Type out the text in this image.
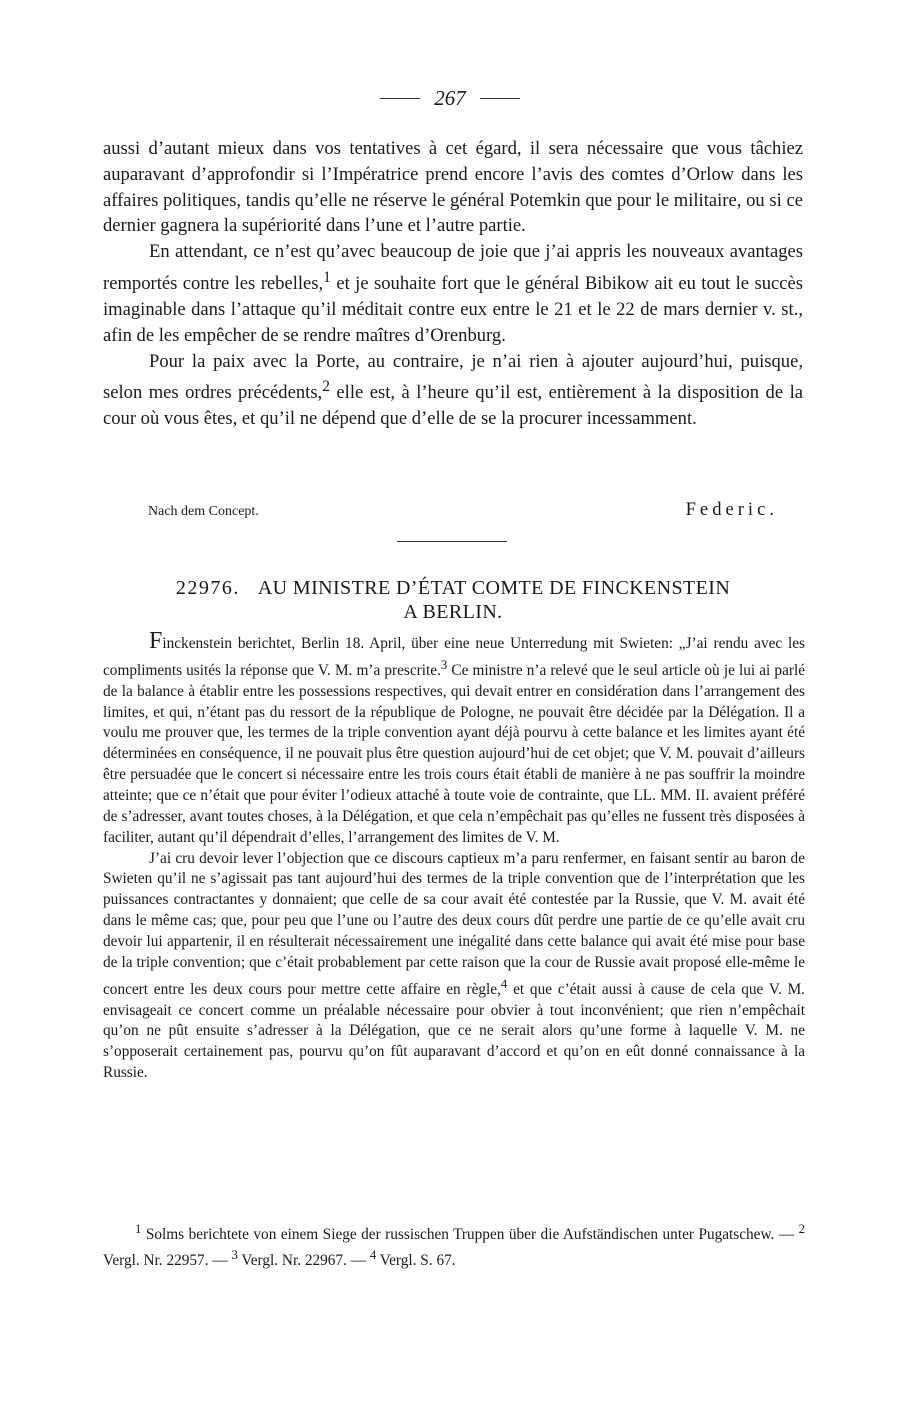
267

aussi d’autant mieux dans vos tentatives à cet égard, il sera nécessaire que vous tâchiez auparavant d’approfondir si l’Impératrice prend encore l’avis des comtes d’Orlow dans les affaires politiques, tandis qu’elle ne réserve le général Potemkin que pour le militaire, ou si ce dernier gagnera la supériorité dans l’une et l’autre partie.

En attendant, ce n’est qu’avec beaucoup de joie que j’ai appris les nouveaux avantages remportés contre les rebelles,$^1$ et je souhaite fort que le général Bibikow ait eu tout le succès imaginable dans l’attaque qu’il méditait contre eux entre le 21 et le 22 de mars dernier v. st., afin de les empêcher de se rendre maîtres d’Orenburg.

Pour la paix avec la Porte, au contraire, je n’ai rien à ajouter aujourd’hui, puisque, selon mes ordres précédents,$^2$ elle est, à l’heure qu’il est, entièrement à la disposition de la cour où vous êtes, et qu’il ne dépend que d’elle de se la procurer incessamment.

Nach dem Concept.	Federic.
22976. AU MINISTRE D’ÉTAT COMTE DE FINCKENSTEIN
A BERLIN.

Finckenstein berichtet, Berlin 18. April, über eine neue Unterredung mit Swieten: „J’ai rendu avec les compliments usités la réponse que V. M. m’a prescrite.$^3$ Ce ministre n’a relevé que le seul article où je lui ai parlé de la balance à établir entre les possessions respectives, qui devait entrer en considération dans l’arrangement des limites, et qui, n’étant pas du ressort de la république de Pologne, ne pouvait être décidée par la Délégation. Il a voulu me prouver que, les termes de la triple convention ayant déjà pourvu à cette balance et les limites ayant été déterminées en conséquence, il ne pouvait plus être question aujourd’hui de cet objet; que V. M. pouvait d’ailleurs être persuadée que le concert si nécessaire entre les trois cours était établi de manière à ne pas souffrir la moindre atteinte; que ce n’était que pour éviter l’odieux attaché à toute voie de contrainte, que LL. MM. II. avaient préféré de s’adresser, avant toutes choses, à la Délégation, et que cela n’empêchait pas qu’elles ne fussent très disposées à faciliter, autant qu’il dépendrait d’elles, l’arrangement des limites de V. M.

J’ai cru devoir lever l’objection que ce discours captieux m’a paru renfermer, en faisant sentir au baron de Swieten qu’il ne s’agissait pas tant aujourd’hui des termes de la triple convention que de l’interprétation que les puissances contractantes y donnaient; que celle de sa cour avait été contestée par la Russie, que V. M. avait été dans le même cas; que, pour peu que l’une ou l’autre des deux cours dût perdre une partie de ce qu’elle avait cru devoir lui appartenir, il en résulterait nécessairement une inégalité dans cette balance qui avait été mise pour base de la triple convention; que c’était probablement par cette raison que la cour de Russie avait proposé elle-même le concert entre les deux cours pour mettre cette affaire en règle,$^4$ et que c’était aussi à cause de cela que V. M. envisageait ce concert comme un préalable nécessaire pour obvier à tout inconvénient; que rien n’empêchait qu’on ne pût ensuite s’adresser à la Délégation, que ce ne serait alors qu’une forme à laquelle V. M. ne s’opposerait certainement pas, pourvu qu’on fût auparavant d’accord et qu’on en eût donné connaissance à la Russie.

$^1$ Solms berichtete von einem Siege der russischen Truppen über die Aufständischen unter Pugatschew. — $^2$ Vergl. Nr. 22957. — $^3$ Vergl. Nr. 22967. — $^4$ Vergl. S. 67.
